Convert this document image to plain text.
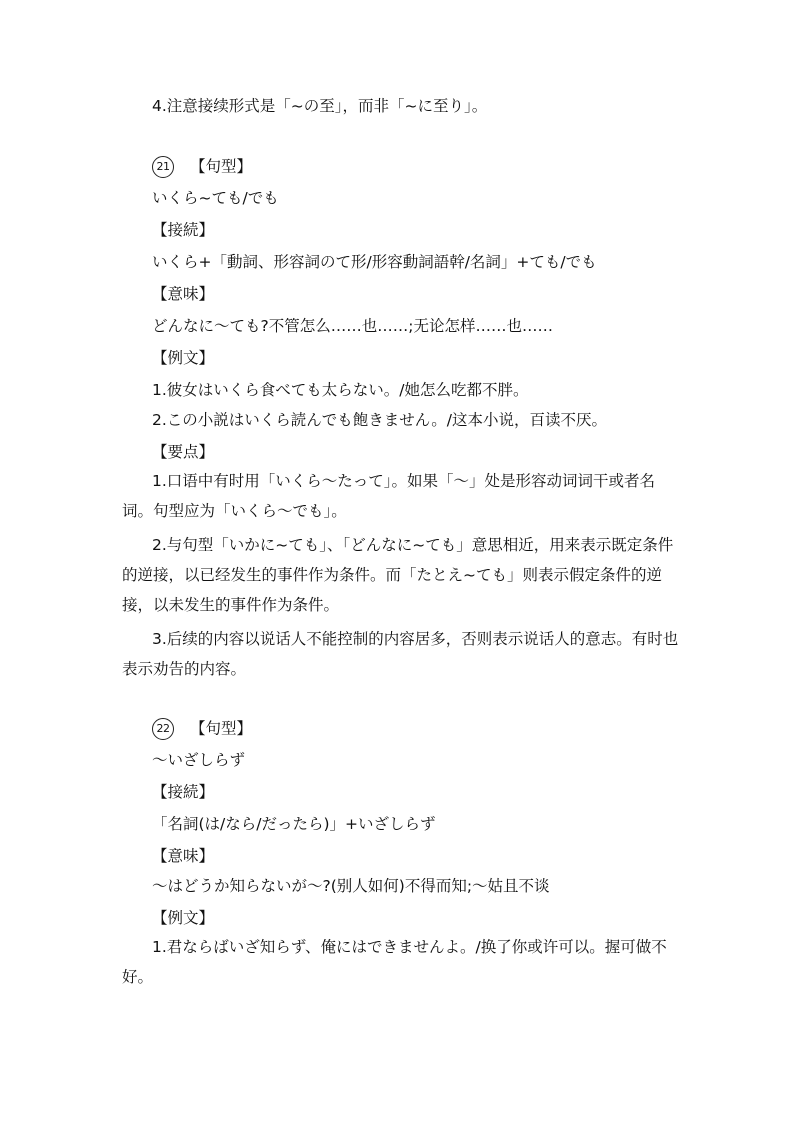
4.注意接续形式是「~の至」，而非「~に至り」。
21 【句型】
いくら~ても/でも
【接続】
いくら+「動詞、形容詞のて形/形容動詞語幹/名詞」+ても/でも
【意味】
どんなに～ても?不管怎么……也……;无论怎样……也……
【例文】
1.彼女はいくら食べても太らない。/她怎么吃都不胖。
2.この小説はいくら読んでも飽きません。/这本小说，百读不厌。
【要点】
1.口语中有时用「いくら～たって」。如果「～」处是形容动词词干或者名词。句型应为「いくら～でも」。
2.与句型「いかに~ても」、「どんなに~ても」意思相近，用来表示既定条件的逆接，以已经发生的事件作为条件。而「たとえ~ても」则表示假定条件的逆接，以未发生的事件作为条件。
3.后续的内容以说话人不能控制的内容居多，否则表示说话人的意志。有时也表示劝告的内容。
22 【句型】
～いざしらず
【接続】
「名詞(は/なら/だったら)」+いざしらず
【意味】
～はどうか知らないが～?(别人如何)不得而知;～姑且不谈
【例文】
1.君ならばいざ知らず、俺にはできませんよ。/换了你或许可以。握可做不好。
